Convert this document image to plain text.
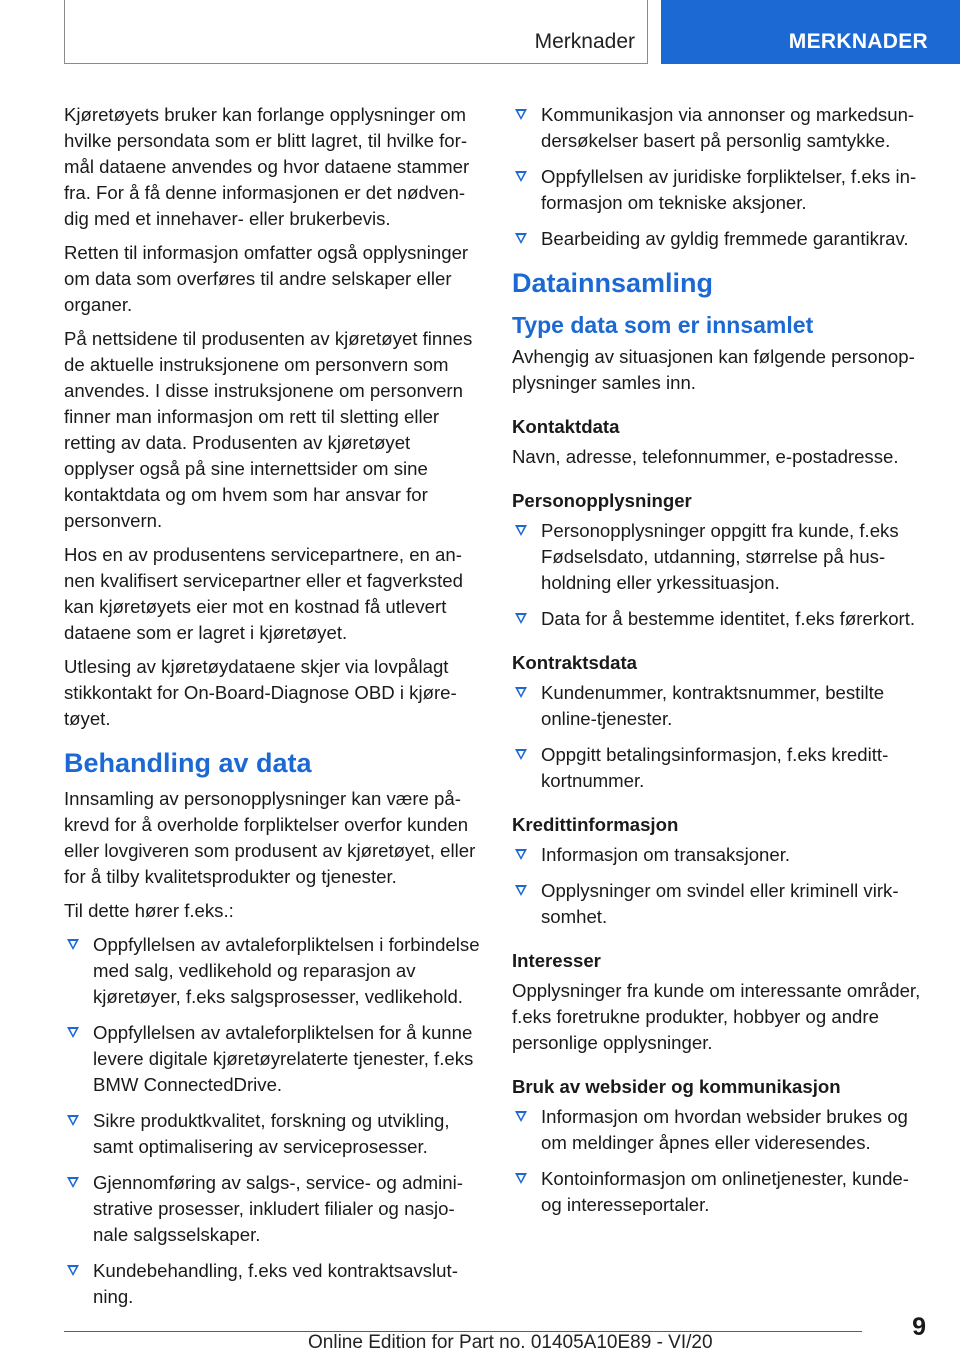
Merknader	MERKNADER

Kjøretøyets bruker kan forlange opplysninger om hvilke persondata som er blitt lagret, til hvilke formål dataene anvendes og hvor dataene stammer fra. For å få denne informasjonen er det nødvendig med et innehaver- eller brukerbevis.

Retten til informasjon omfatter også opplysninger om data som overføres til andre selskaper eller organer.

På nettsidene til produsenten av kjøretøyet finnes de aktuelle instruksjonene om personvern som anvendes. I disse instruksjonene om personvern finner man informasjon om rett til sletting eller retting av data. Produsenten av kjøretøyet opplyser også på sine internettsider om sine kontaktdata og om hvem som har ansvar for personvern.

Hos en av produsentens servicepartnere, en annen kvalifisert servicepartner eller et fagverksted kan kjøretøyets eier mot en kostnad få utlevert dataene som er lagret i kjøretøyet.

Utlesing av kjøretøydataene skjer via lovpålagt stikkontakt for On-Board-Diagnose OBD i kjøretøyet.

Behandling av data

Innsamling av personopplysninger kan være påkrevd for å overholde forpliktelser overfor kunden eller lovgiveren som produsent av kjøretøyet, eller for å tilby kvalitetsprodukter og tjenester.

Til dette hører f.eks.:

Oppfyllelsen av avtaleforpliktelsen i forbindelse med salg, vedlikehold og reparasjon av kjøretøyer, f.eks salgsprosesser, vedlikehold.
Oppfyllelsen av avtaleforpliktelsen for å kunne levere digitale kjøretøyrelaterte tjenester, f.eks BMW ConnectedDrive.
Sikre produktkvalitet, forskning og utvikling, samt optimalisering av serviceprosesser.
Gjennomføring av salgs-, service- og administrative prosesser, inkludert filialer og nasjonale salgsselskaper.
Kundebehandling, f.eks ved kontraktsavslutning.
Kommunikasjon via annonser og markedsundersøkelser basert på personlig samtykke.
Oppfyllelsen av juridiske forpliktelser, f.eks informasjon om tekniske aksjoner.
Bearbeiding av gyldig fremmede garantikrav.
Datainnsamling
Type data som er innsamlet

Avhengig av situasjonen kan følgende personopplysninger samles inn.

Kontaktdata

Navn, adresse, telefonnummer, e-postadresse.

Personopplysninger
Personopplysninger oppgitt fra kunde, f.eks Fødselsdato, utdanning, størrelse på husholdning eller yrkessituasjon.
Data for å bestemme identitet, f.eks førerkort.
Kontraktsdata
Kundenummer, kontraktsnummer, bestilte online-tjenester.
Oppgitt betalingsinformasjon, f.eks kredittkortnummer.
Kredittinformasjon
Informasjon om transaksjoner.
Opplysninger om svindel eller kriminell virksomhet.
Interesser

Opplysninger fra kunde om interessante områder, f.eks foretrukne produkter, hobbyer og andre personlige opplysninger.

Bruk av websider og kommunikasjon
Informasjon om hvordan websider brukes og om meldinger åpnes eller videresendes.
Kontoinformasjon om onlinetjenester, kunde- og interesseportaler.
9
Online Edition for Part no. 01405A10E89 - VI/20
